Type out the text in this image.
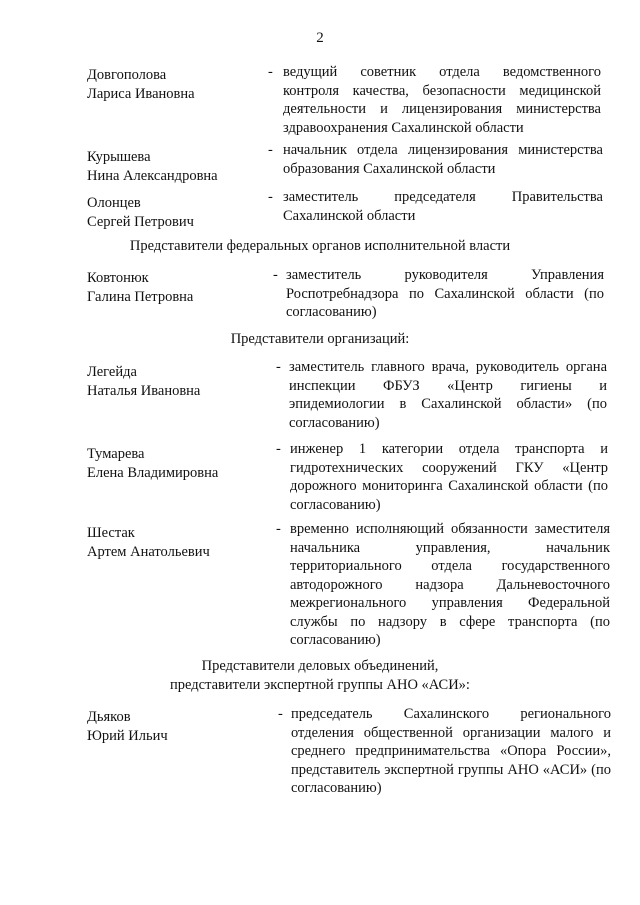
2
Довгополова
Лариса Ивановна
- ведущий советник отдела ведомственного контроля качества, безопасности медицинской деятельности и лицензирования министерства здравоохранения Сахалинской области
Курышева
Нина Александровна
- начальник отдела лицензирования министерства образования Сахалинской области
Олонцев
Сергей Петрович
- заместитель председателя Правительства Сахалинской области
Представители федеральных органов исполнительной власти
Ковтонюк
Галина Петровна
- заместитель руководителя Управления Роспотребнадзора по Сахалинской области (по согласованию)
Представители организаций:
Легейда
Наталья Ивановна
- заместитель главного врача, руководитель органа инспекции ФБУЗ «Центр гигиены и эпидемиологии в Сахалинской области» (по согласованию)
Тумарева
Елена Владимировна
- инженер 1 категории отдела транспорта и гидротехнических сооружений ГКУ «Центр дорожного мониторинга Сахалинской области (по согласованию)
Шестак
Артем Анатольевич
- временно исполняющий обязанности заместителя начальника управления, начальник территориального отдела государственного автодорожного надзора Дальневосточного межрегионального управления Федеральной службы по надзору в сфере транспорта (по согласованию)
Представители деловых объединений,
представители экспертной группы АНО «АСИ»:
Дьяков
Юрий Ильич
- председатель Сахалинского регионального отделения общественной организации малого и среднего предпринимательства «Опора России», представитель экспертной группы АНО «АСИ» (по согласованию)
